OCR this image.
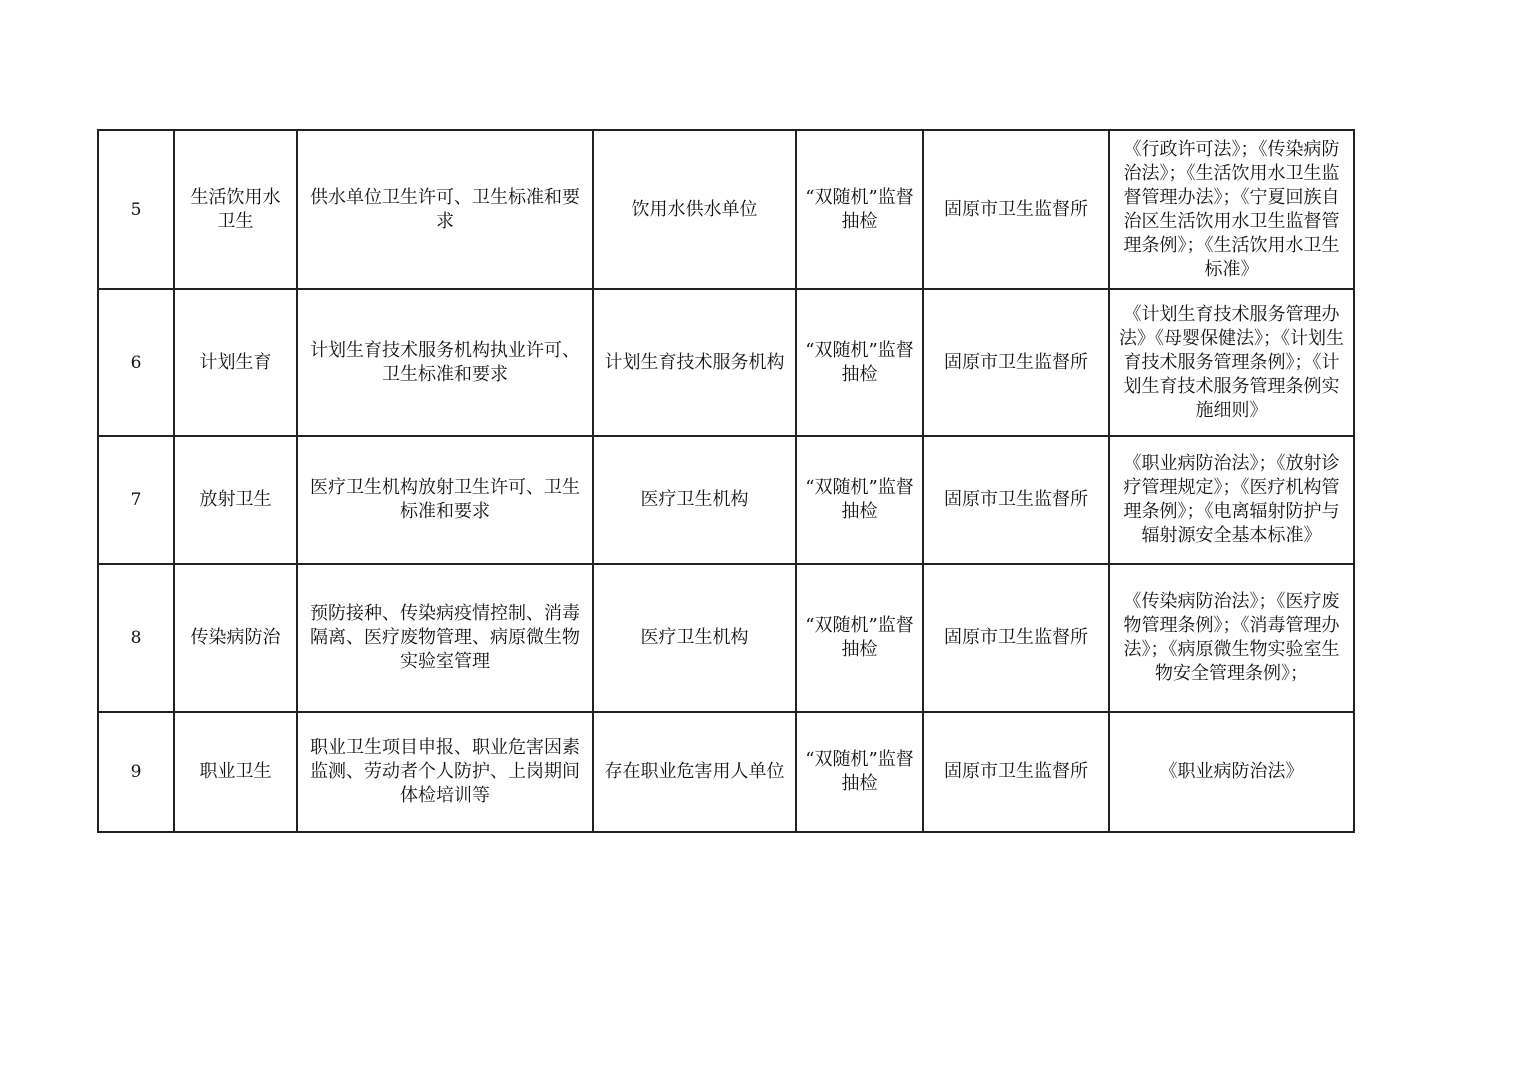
5	生活饮用水卫生	供水单位卫生许可、卫生标准和要求	饮用水供水单位	“双随机”监督抽检	固原市卫生监督所	《行政许可法》；《传染病防治法》；《生活饮用水卫生监督管理办法》；《宁夏回族自治区生活饮用水卫生监督管理条例》；《生活饮用水卫生标准》

6	计划生育	计划生育技术服务机构执业许可、卫生标准和要求	计划生育技术服务机构	“双随机”监督抽检	固原市卫生监督所	《计划生育技术服务管理办法》《母婴保健法》；《计划生育技术服务管理条例》；《计划生育技术服务管理条例实施细则》

7	放射卫生	医疗卫生机构放射卫生许可、卫生标准和要求	医疗卫生机构	“双随机”监督抽检	固原市卫生监督所	《职业病防治法》；《放射诊疗管理规定》；《医疗机构管理条例》；《电离辐射防护与辐射源安全基本标准》

8	传染病防治	预防接种、传染病疫情控制、消毒隔离、医疗废物管理、病原微生物实验室管理	医疗卫生机构	“双随机”监督抽检	固原市卫生监督所	《传染病防治法》；《医疗废物管理条例》；《消毒管理办法》；《病原微生物实验室生物安全管理条例》；

9	职业卫生	职业卫生项目申报、职业危害因素监测、劳动者个人防护、上岗期间体检培训等	存在职业危害用人单位	“双随机”监督抽检	固原市卫生监督所	《职业病防治法》
